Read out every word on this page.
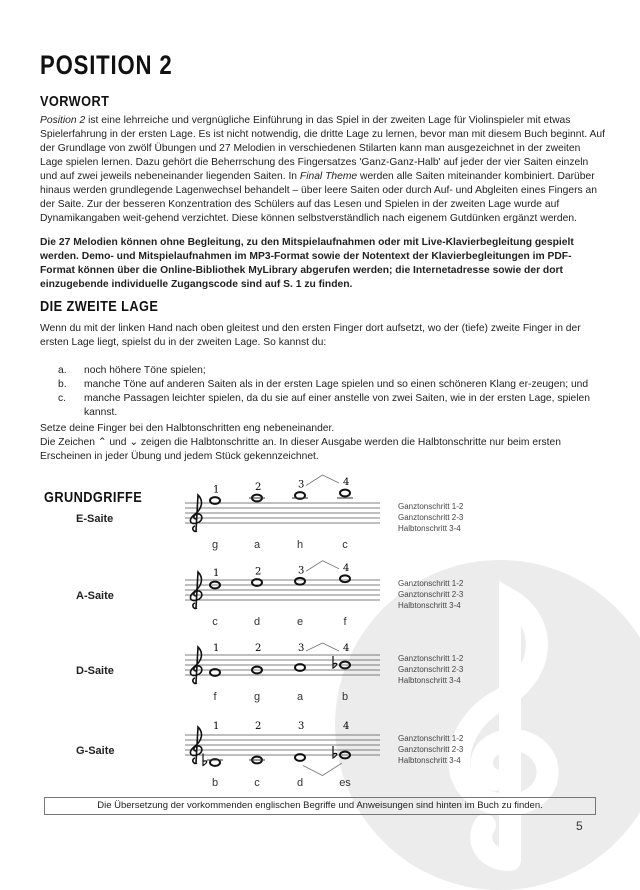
POSITION 2
VORWORT

Position 2 ist eine lehrreiche und vergnügliche Einführung in das Spiel in der zweiten Lage für Violinspieler mit etwas Spielerfahrung in der ersten Lage. Es ist nicht notwendig, die dritte Lage zu lernen, bevor man mit diesem Buch beginnt. Auf der Grundlage von zwölf Übungen und 27 Melodien in verschiedenen Stilarten kann man ausgezeichnet in der zweiten Lage spielen lernen. Dazu gehört die Beherrschung des Fingersatzes 'Ganz-Ganz-Halb' auf jeder der vier Saiten einzeln und auf zwei jeweils nebeneinander liegenden Saiten. In Final Theme werden alle Saiten miteinander kombiniert. Darüber hinaus werden grundlegende Lagenwechsel behandelt – über leere Saiten oder durch Auf- und Abgleiten eines Fingers an der Saite. Zur der besseren Konzentration des Schülers auf das Lesen und Spielen in der zweiten Lage wurde auf Dynamikangaben weit-gehend verzichtet. Diese können selbstverständlich nach eigenem Gutdünken ergänzt werden.

Die 27 Melodien können ohne Begleitung, zu den Mitspielaufnahmen oder mit Live-Klavierbegleitung gespielt werden. Demo- und Mitspielaufnahmen im MP3-Format sowie der Notentext der Klavierbegleitungen im PDF-Format können über die Online-Bibliothek MyLibrary abgerufen werden; die Internetadresse sowie der dort einzugebende individuelle Zugangscode sind auf S. 1 zu finden.

DIE ZWEITE LAGE

Wenn du mit der linken Hand nach oben gleitest und den ersten Finger dort aufsetzt, wo der (tiefe) zweite Finger in der ersten Lage liegt, spielst du in der zweiten Lage. So kannst du:

a.	noch höhere Töne spielen;
b.	manche Töne auf anderen Saiten als in der ersten Lage spielen und so einen schöneren Klang er-zeugen; und
c.	manche Passagen leichter spielen, da du sie auf einer anstelle von zwei Saiten, wie in der ersten Lage, spielen kannst.

Setze deine Finger bei den Halbtonschritten eng nebeneinander.

Die Zeichen ⌃ und ⌄ zeigen die Halbtonschritte an. In dieser Ausgabe werden die Halbtonschritte nur beim ersten Erscheinen in jeder Übung und jedem Stück gekennzeichnet.

GRUNDGRIFFE
E-Saite
Ganztonschritt 1-2
Ganztonschritt 2-3
Halbtonschritt 3-4
1	2	3	4
g	a	h	c
A-Saite
Ganztonschritt 1-2
Ganztonschritt 2-3
Halbtonschritt 3-4
1	2	3	4
c	d	e	f
D-Saite
Ganztonschritt 1-2
Ganztonschritt 2-3
Halbtonschritt 3-4
1	2	3	4
f	g	a	b
G-Saite
Ganztonschritt 1-2
Ganztonschritt 2-3
Halbtonschritt 3-4
1	2	3	4
b	c	d	es
Die Übersetzung der vorkommenden englischen Begriffe und Anweisungen sind hinten im Buch zu finden.
5
